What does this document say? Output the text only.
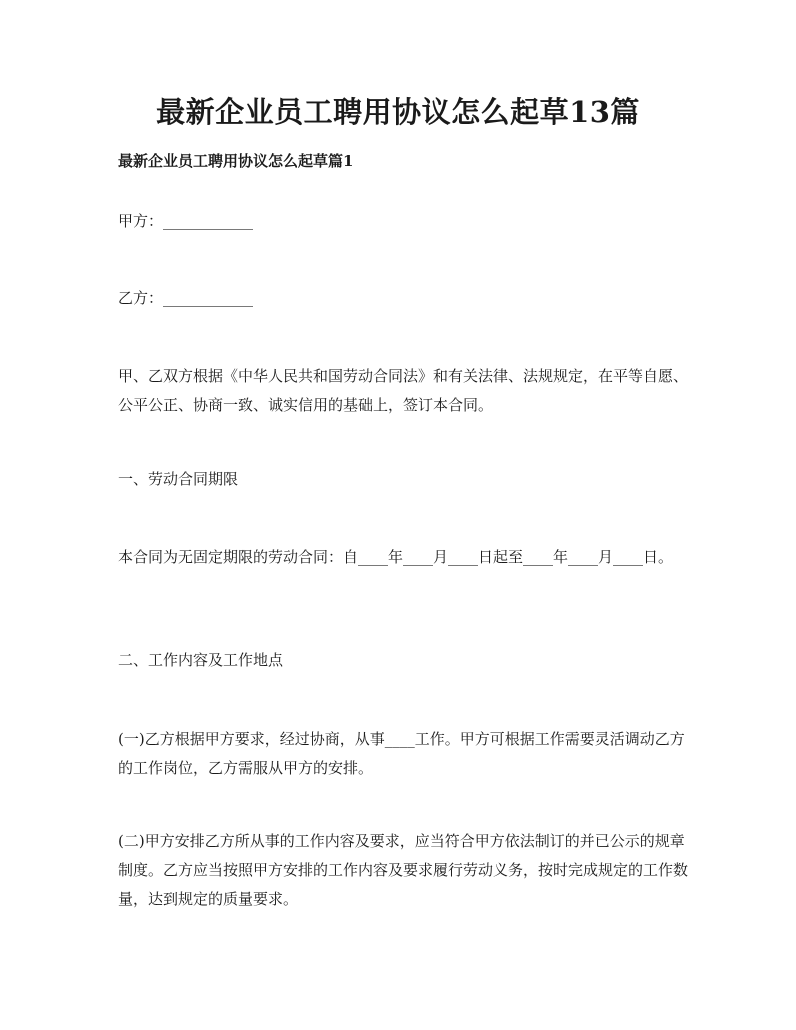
最新企业员工聘用协议怎么起草13篇
最新企业员工聘用协议怎么起草篇1
甲方：____________
乙方：____________
甲、乙双方根据《中华人民共和国劳动合同法》和有关法律、法规规定，在平等自愿、公平公正、协商一致、诚实信用的基础上，签订本合同。
一、劳动合同期限
本合同为无固定期限的劳动合同：自____年____月____日起至____年____月____日。
二、工作内容及工作地点
(一)乙方根据甲方要求，经过协商，从事____工作。甲方可根据工作需要灵活调动乙方的工作岗位，乙方需服从甲方的安排。
(二)甲方安排乙方所从事的工作内容及要求，应当符合甲方依法制订的并已公示的规章制度。乙方应当按照甲方安排的工作内容及要求履行劳动义务，按时完成规定的工作数量，达到规定的质量要求。
